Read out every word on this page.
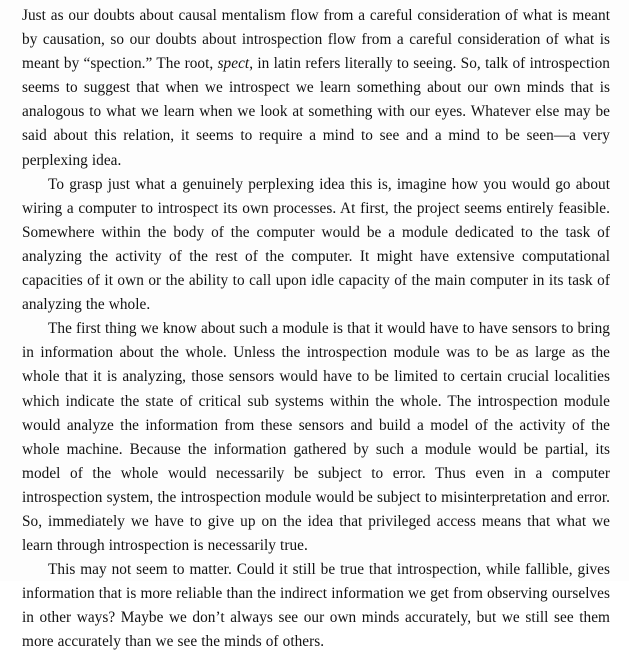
Just as our doubts about causal mentalism flow from a careful consideration of what is meant by causation, so our doubts about introspection flow from a careful consideration of what is meant by “spection.” The root, spect, in latin refers literally to seeing. So, talk of introspection seems to suggest that when we introspect we learn something about our own minds that is analogous to what we learn when we look at something with our eyes. Whatever else may be said about this relation, it seems to require a mind to see and a mind to be seen—a very perplexing idea.

To grasp just what a genuinely perplexing idea this is, imagine how you would go about wiring a computer to introspect its own processes. At first, the project seems entirely feasible. Somewhere within the body of the computer would be a module dedicated to the task of analyzing the activity of the rest of the computer. It might have extensive computational capacities of it own or the ability to call upon idle capacity of the main computer in its task of analyzing the whole.

The first thing we know about such a module is that it would have to have sensors to bring in information about the whole. Unless the introspection module was to be as large as the whole that it is analyzing, those sensors would have to be limited to certain crucial localities which indicate the state of critical sub systems within the whole. The introspection module would analyze the information from these sensors and build a model of the activity of the whole machine. Because the information gathered by such a module would be partial, its model of the whole would necessarily be subject to error. Thus even in a computer introspection system, the introspection module would be subject to misinterpretation and error. So, immediately we have to give up on the idea that privileged access means that what we learn through introspection is necessarily true.

This may not seem to matter. Could it still be true that introspection, while fallible, gives information that is more reliable than the indirect information we get from observing ourselves in other ways? Maybe we don’t always see our own minds accurately, but we still see them more accurately than we see the minds of others.
